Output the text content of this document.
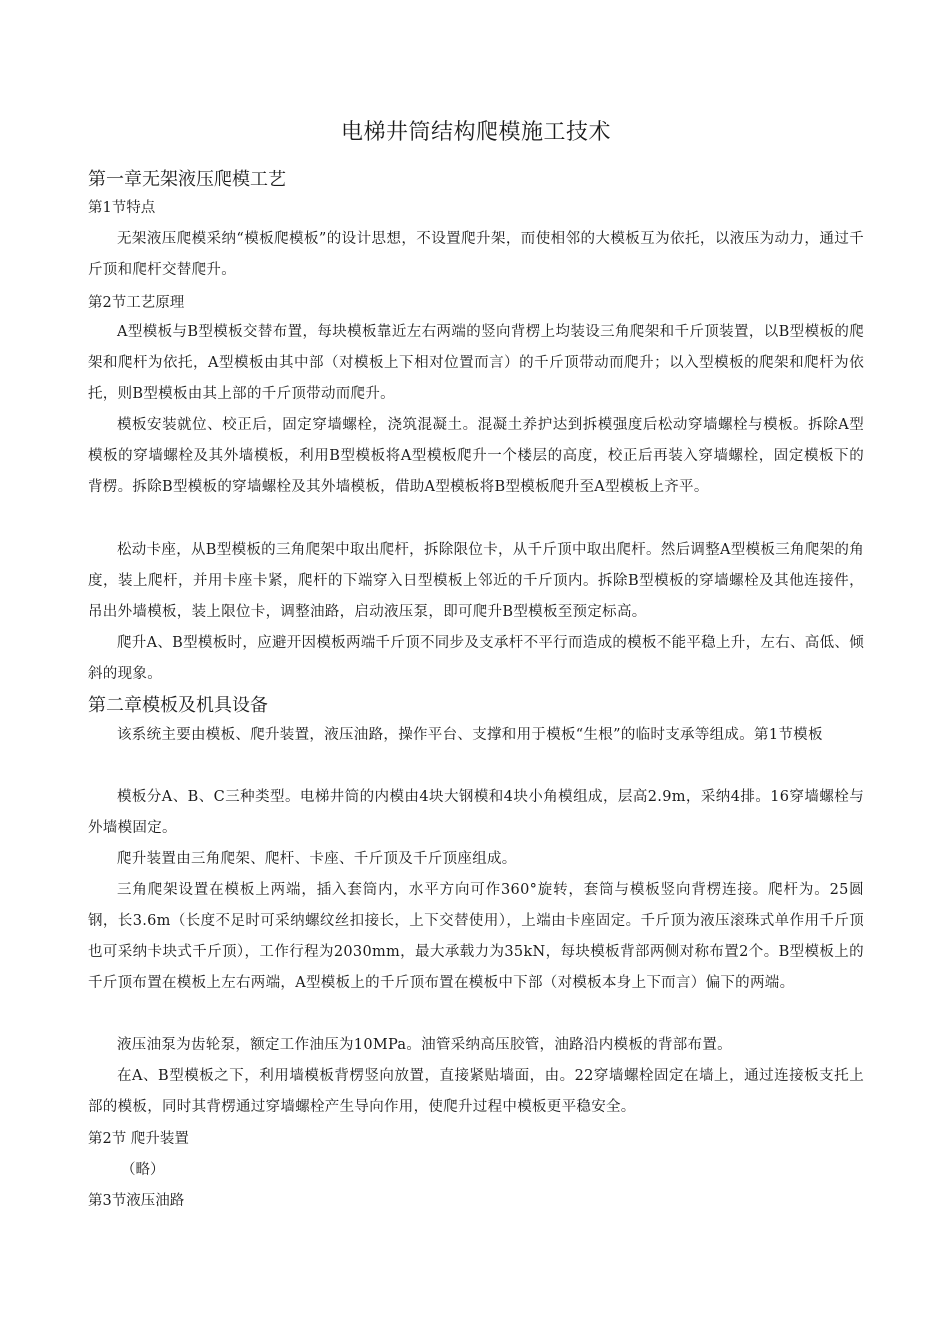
电梯井筒结构爬模施工技术
第一章无架液压爬模工艺
第1节特点
无架液压爬模采纳“模板爬模板”的设计思想，不设置爬升架，而使相邻的大模板互为依托，以液压为动力，通过千斤顶和爬杆交替爬升。
第2节工艺原理
A型模板与B型模板交替布置，每块模板靠近左右两端的竖向背楞上均装设三角爬架和千斤顶装置，以B型模板的爬架和爬杆为依托，A型模板由其中部（对模板上下相对位置而言）的千斤顶带动而爬升；以入型模板的爬架和爬杆为依托，则B型模板由其上部的千斤顶带动而爬升。
模板安装就位、校正后，固定穿墙螺栓，浇筑混凝土。混凝土养护达到拆模强度后松动穿墙螺栓与模板。拆除A型模板的穿墙螺栓及其外墙模板，利用B型模板将A型模板爬升一个楼层的高度，校正后再装入穿墙螺栓，固定模板下的背楞。拆除B型模板的穿墙螺栓及其外墙模板，借助A型模板将B型模板爬升至A型模板上齐平。
松动卡座，从B型模板的三角爬架中取出爬杆，拆除限位卡，从千斤顶中取出爬杆。然后调整A型模板三角爬架的角度，装上爬杆，并用卡座卡紧，爬杆的下端穿入日型模板上邻近的千斤顶内。拆除B型模板的穿墙螺栓及其他连接件，吊出外墙模板，装上限位卡，调整油路，启动液压泵，即可爬升B型模板至预定标高。
爬升A、B型模板时，应避开因模板两端千斤顶不同步及支承杆不平行而造成的模板不能平稳上升，左右、高低、倾斜的现象。
第二章模板及机具设备
该系统主要由模板、爬升装置，液压油路，操作平台、支撑和用于模板“生根”的临时支承等组成。第1节模板
模板分A、B、C三种类型。电梯井筒的内模由4块大钢模和4块小角模组成，层高2.9m，采纳4排。16穿墙螺栓与外墙模固定。
爬升装置由三角爬架、爬杆、卡座、千斤顶及千斤顶座组成。
三角爬架设置在模板上两端，插入套筒内，水平方向可作360°旋转，套筒与模板竖向背楞连接。爬杆为。25圆钢，长3.6m（长度不足时可采纳螺纹丝扣接长，上下交替使用），上端由卡座固定。千斤顶为液压滚珠式单作用千斤顶也可采纳卡块式千斤顶），工作行程为2030mm，最大承载力为35kN，每块模板背部两侧对称布置2个。B型模板上的千斤顶布置在模板上左右两端，A型模板上的千斤顶布置在模板中下部（对模板本身上下而言）偏下的两端。
液压油泵为齿轮泵，额定工作油压为10MPa。油管采纳高压胶管，油路沿内模板的背部布置。
在A、B型模板之下，利用墙模板背楞竖向放置，直接紧贴墙面，由。22穿墙螺栓固定在墙上，通过连接板支托上部的模板，同时其背楞通过穿墙螺栓产生导向作用，使爬升过程中模板更平稳安全。
第2节 爬升装置
（略）
第3节液压油路
